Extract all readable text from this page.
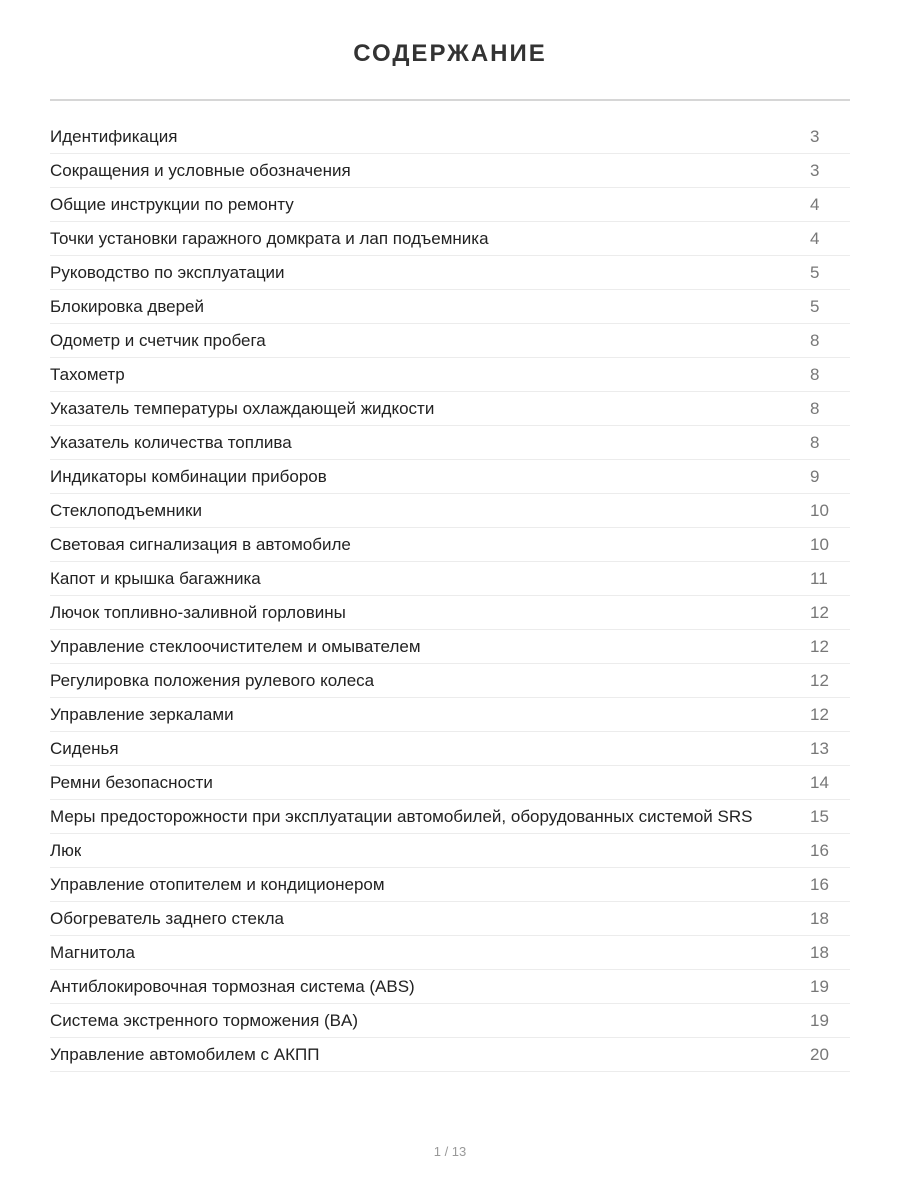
СОДЕРЖАНИЕ
Идентификация	3
Сокращения и условные обозначения	3
Общие инструкции по ремонту	4
Точки установки гаражного домкрата и лап подъемника	4
Руководство по эксплуатации	5
Блокировка дверей	5
Одометр и счетчик пробега	8
Тахометр	8
Указатель температуры охлаждающей жидкости	8
Указатель количества топлива	8
Индикаторы комбинации приборов	9
Стеклоподъемники	10
Световая сигнализация в автомобиле	10
Капот и крышка багажника	11
Лючок топливно-заливной горловины	12
Управление стеклоочистителем и омывателем	12
Регулировка положения рулевого колеса	12
Управление зеркалами	12
Сиденья	13
Ремни безопасности	14
Меры предосторожности при эксплуатации автомобилей, оборудованных системой SRS	15
Люк	16
Управление отопителем и кондиционером	16
Обогреватель заднего стекла	18
Магнитола	18
Антиблокировочная тормозная система (ABS)	19
Система экстренного торможения (BA)	19
Управление автомобилем с АКПП	20
1 / 13
